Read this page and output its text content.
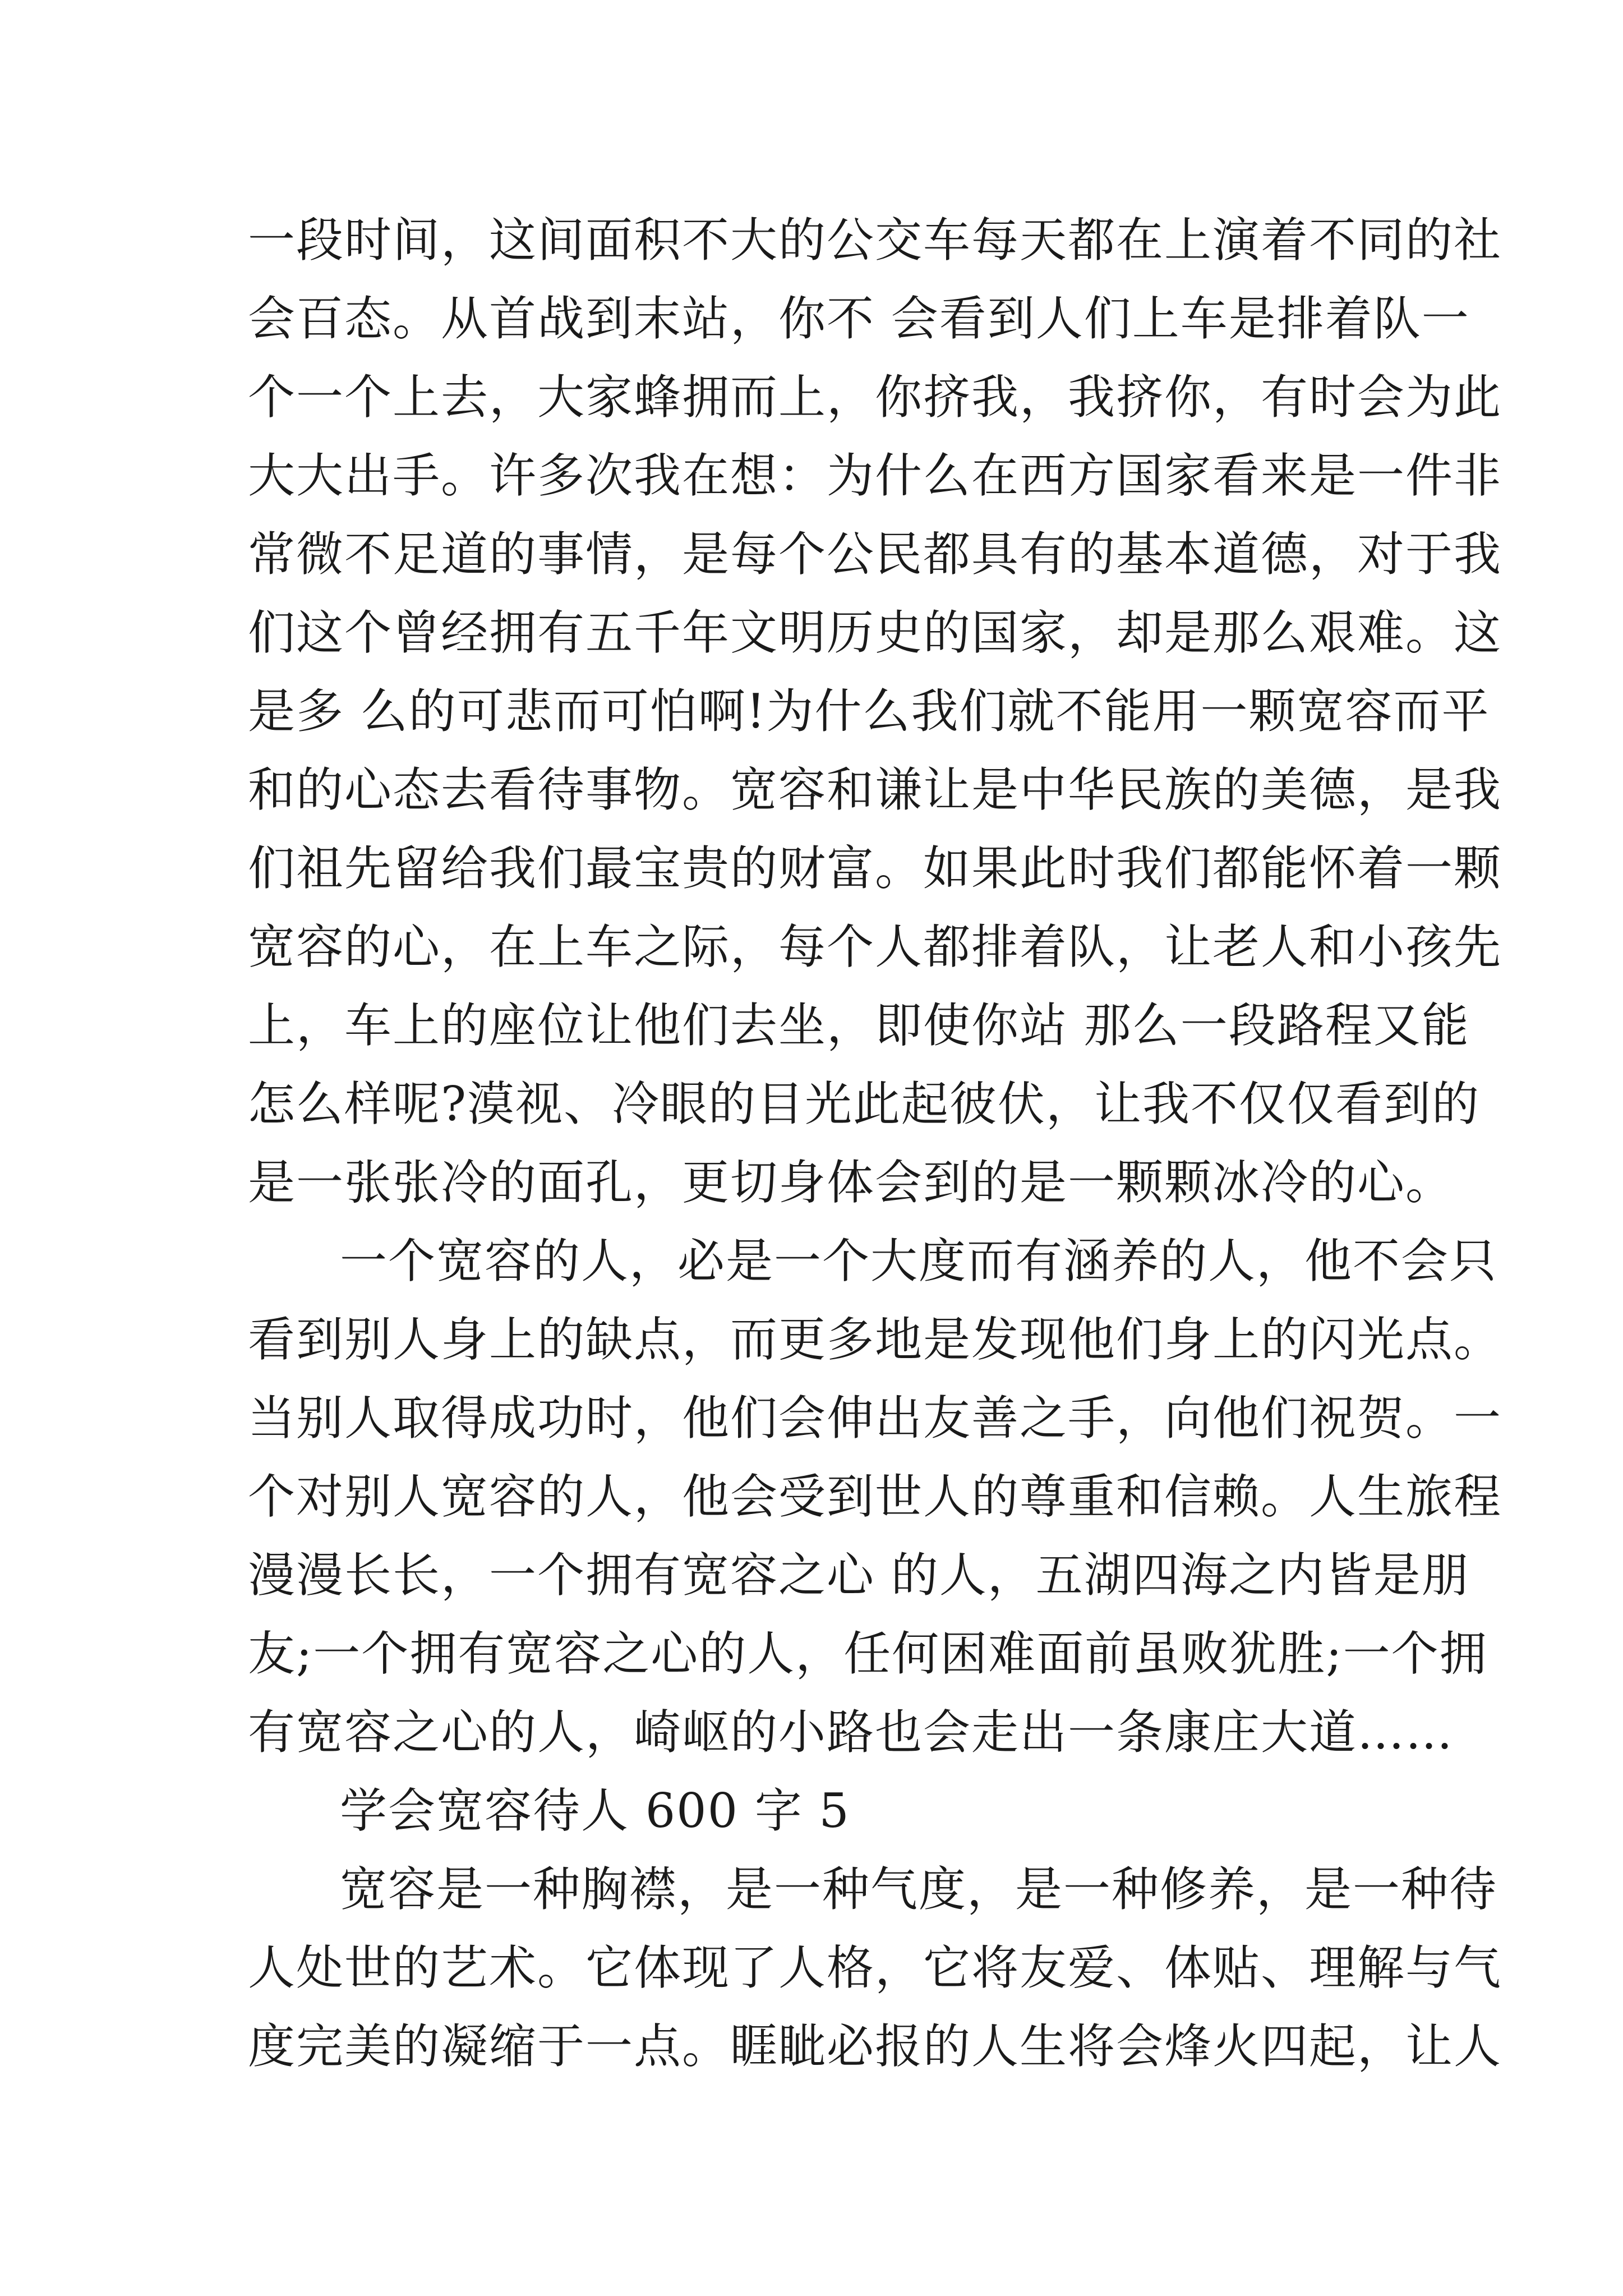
一段时间，这间面积不大的公交车每天都在上演着不同的社
会百态。从首战到末站，你不 会看到人们上车是排着队一
个一个上去，大家蜂拥而上，你挤我，我挤你，有时会为此
大大出手。许多次我在想：为什么在西方国家看来是一件非
常微不足道的事情，是每个公民都具有的基本道德，对于我
们这个曾经拥有五千年文明历史的国家，却是那么艰难。这
是多 么的可悲而可怕啊!为什么我们就不能用一颗宽容而平
和的心态去看待事物。宽容和谦让是中华民族的美德，是我
们祖先留给我们最宝贵的财富。如果此时我们都能怀着一颗
宽容的心，在上车之际，每个人都排着队，让老人和小孩先
上，车上的座位让他们去坐，即使你站 那么一段路程又能
怎么样呢?漠视、冷眼的目光此起彼伏，让我不仅仅看到的
是一张张冷的面孔，更切身体会到的是一颗颗冰冷的心。
一个宽容的人，必是一个大度而有涵养的人，他不会只
看到别人身上的缺点，而更多地是发现他们身上的闪光点。
当别人取得成功时，他们会伸出友善之手，向他们祝贺。一
个对别人宽容的人，他会受到世人的尊重和信赖。人生旅程
漫漫长长，一个拥有宽容之心 的人，五湖四海之内皆是朋
友;一个拥有宽容之心的人，任何困难面前虽败犹胜;一个拥
有宽容之心的人，崎岖的小路也会走出一条康庄大道……
学会宽容待人 600 字 5
宽容是一种胸襟，是一种气度，是一种修养，是一种待
人处世的艺术。它体现了人格，它将友爱、体贴、理解与气
度完美的凝缩于一点。睚眦必报的人生将会烽火四起，让人
